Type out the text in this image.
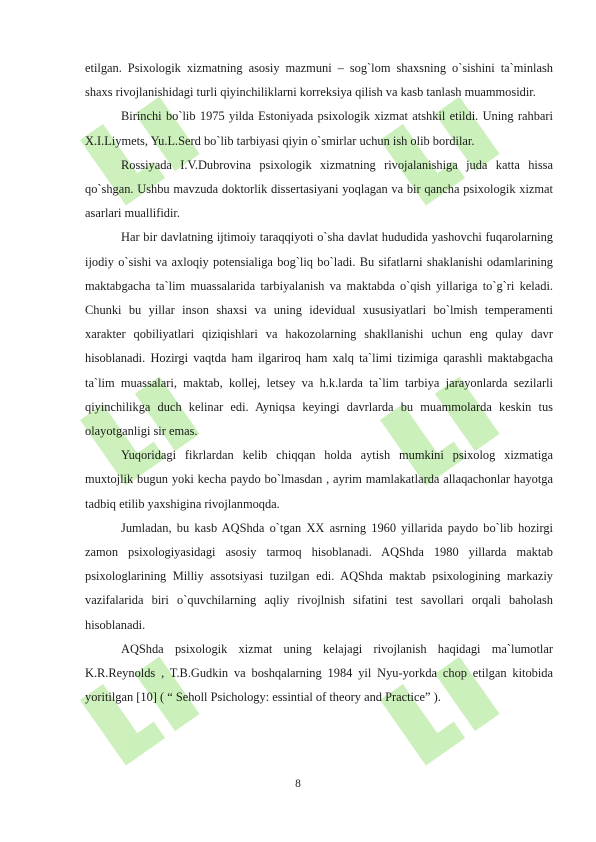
etilgan. Psixologik xizmatning asosiy mazmuni – sog`lom shaxsning o`sishini ta`minlash shaxs rivojlanishidagi turli qiyinchiliklarni korreksiya qilish va kasb tanlash muammosidir.

Birinchi bo`lib 1975 yilda Estoniyada psixologik xizmat atshkil etildi. Uning rahbari X.I.Liymets, Yu.L.Serd bo`lib tarbiyasi qiyin o`smirlar uchun ish olib bordilar.

Rossiyada I.V.Dubrovina psixologik xizmatning rivojalanishiga juda katta hissa qo`shgan. Ushbu mavzuda doktorlik dissertasiyani yoqlagan va bir qancha psixologik xizmat asarlari muallifidir.

Har bir davlatning ijtimoiy taraqqiyoti o`sha davlat hududida yashovchi fuqarolarning ijodiy o`sishi va axloqiy potensialiga bog`liq bo`ladi. Bu sifatlarni shaklanishi odamlarining maktabgacha ta`lim muassalarida tarbiyalanish va maktabda o`qish yillariga to`g`ri keladi. Chunki bu yillar inson shaxsi va uning idevidual xususiyatlari bo`lmish temperamenti xarakter qobiliyatlari qiziqishlari va hakozolarning shakllanishi uchun eng qulay davr hisoblanadi. Hozirgi vaqtda ham ilgariroq ham xalq ta`limi tizimiga qarashli maktabgacha ta`lim muassalari, maktab, kollej, letsey va h.k.larda ta`lim tarbiya jarayonlarda sezilarli qiyinchilikga duch kelinar edi. Ayniqsa keyingi davrlarda bu muammolarda keskin tus olayotganligi sir emas.

Yuqoridagi fikrlardan kelib chiqqan holda aytish mumkini psixolog xizmatiga muxtojlik bugun yoki kecha paydo bo`lmasdan , ayrim mamlakatlarda allaqachonlar hayotga tadbiq etilib yaxshigina rivojlanmoqda.

Jumladan, bu kasb AQShda o`tgan XX asrning 1960 yillarida paydo bo`lib hozirgi zamon psixologiyasidagi asosiy tarmoq hisoblanadi. AQShda 1980 yillarda maktab psixologlarining Milliy assotsiyasi tuzilgan edi. AQShda maktab psixologining markaziy vazifalarida biri o`quvchilarning aqliy rivojlnish sifatini test savollari orqali baholash hisoblanadi.

AQShda psixologik xizmat uning kelajagi rivojlanish haqidagi ma`lumotlar K.R.Reynolds , T.B.Gudkin va boshqalarning 1984 yil Nyu-yorkda chop etilgan kitobida yoritilgan [10] ( “ Seholl Psichology: essintial of theory and Practice” ).

8
